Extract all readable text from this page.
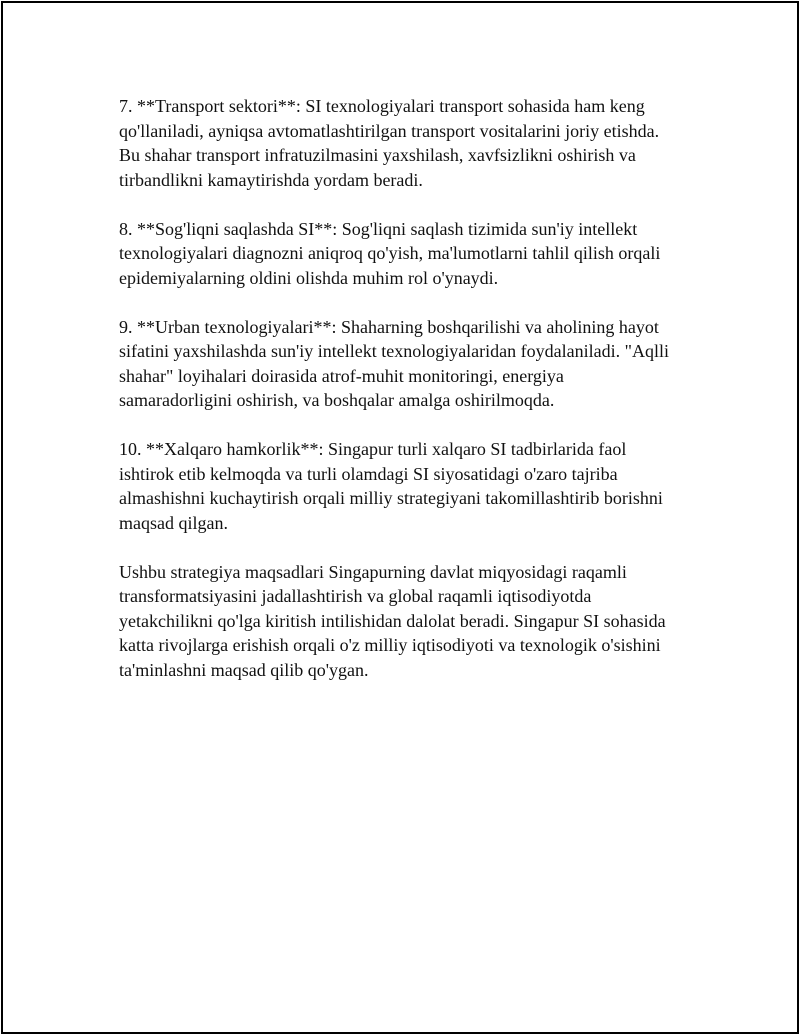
7. **Transport sektori**: SI texnologiyalari transport sohasida ham keng
qo'llaniladi, ayniqsa avtomatlashtirilgan transport vositalarini joriy etishda.
Bu shahar transport infratuzilmasini yaxshilash, xavfsizlikni oshirish va
tirbandlikni kamaytirishda yordam beradi.

8. **Sog'liqni saqlashda SI**: Sog'liqni saqlash tizimida sun'iy intellekt
texnologiyalari diagnozni aniqroq qo'yish, ma'lumotlarni tahlil qilish orqali
epidemiyalarning oldini olishda muhim rol o'ynaydi.

9. **Urban texnologiyalari**: Shaharning boshqarilishi va aholining hayot
sifatini yaxshilashda sun'iy intellekt texnologiyalaridan foydalaniladi. "Aqlli
shahar" loyihalari doirasida atrof-muhit monitoringi, energiya
samaradorligini oshirish, va boshqalar amalga oshirilmoqda.

10. **Xalqaro hamkorlik**: Singapur turli xalqaro SI tadbirlarida faol
ishtirok etib kelmoqda va turli olamdagi SI siyosatidagi o'zaro tajriba
almashishni kuchaytirish orqali milliy strategiyani takomillashtirib borishni
maqsad qilgan.

Ushbu strategiya maqsadlari Singapurning davlat miqyosidagi raqamli
transformatsiyasini jadallashtirish va global raqamli iqtisodiyotda
yetakchilikni qo'lga kiritish intilishidan dalolat beradi. Singapur SI sohasida
katta rivojlarga erishish orqali o'z milliy iqtisodiyoti va texnologik o'sishini
ta'minlashni maqsad qilib qo'ygan.
